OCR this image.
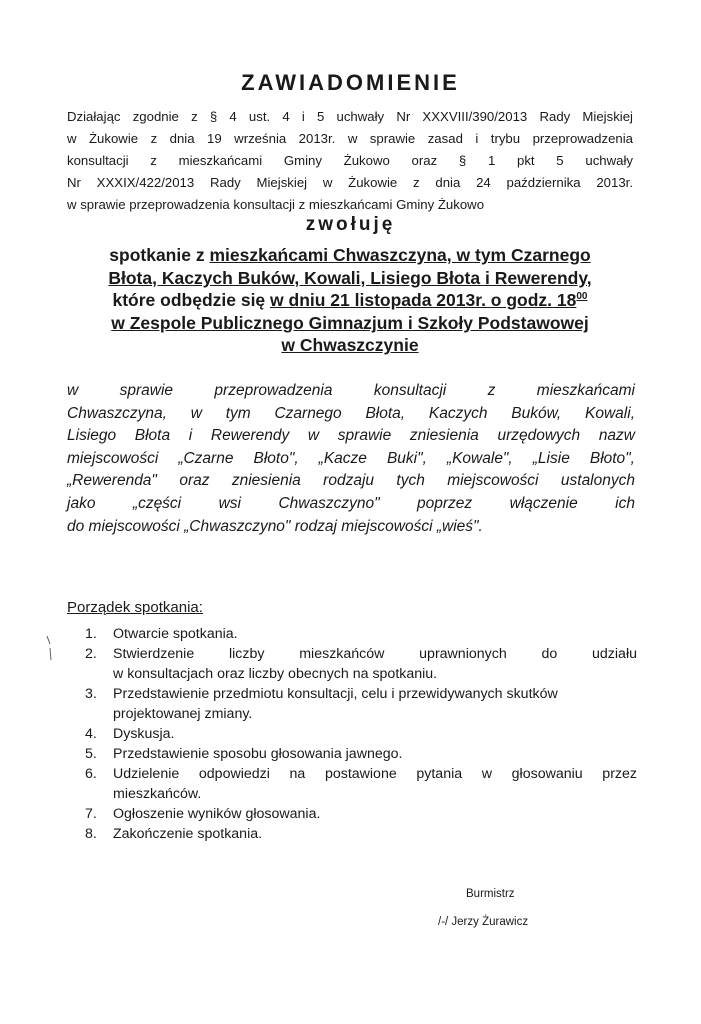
ZAWIADOMIENIE
Działając zgodnie z § 4 ust. 4 i 5 uchwały Nr XXXVIII/390/2013 Rady Miejskiej
w Żukowie z dnia 19 września 2013r. w sprawie zasad i trybu przeprowadzenia
konsultacji z mieszkańcami Gminy Żukowo oraz § 1 pkt 5 uchwały
Nr XXXIX/422/2013 Rady Miejskiej w Żukowie z dnia 24 października 2013r.
w sprawie przeprowadzenia konsultacji z mieszkańcami Gminy Żukowo
zwołuję
spotkanie z mieszkańcami Chwaszczyna, w tym Czarnego
Błota, Kaczych Buków, Kowali, Lisiego Błota i Rewerendy,
które odbędzie się w dniu 21 listopada 2013r. o godz. $18^{00}$
w Zespole Publicznego Gimnazjum i Szkoły Podstawowej
w Chwaszczynie
w sprawie przeprowadzenia konsultacji z mieszkańcami
Chwaszczyna, w tym Czarnego Błota, Kaczych Buków, Kowali,
Lisiego Błota i Rewerendy w sprawie zniesienia urzędowych nazw
miejscowości „Czarne Błoto", „Kacze Buki", „Kowale", „Lisie Błoto",
„Rewerenda" oraz zniesienia rodzaju tych miejscowości ustalonych
jako „części wsi Chwaszczyno" poprzez włączenie ich
do miejscowości „Chwaszczyno" rodzaj miejscowości „wieś".
Porządek spotkania:
1.	Otwarcie spotkania.
2.	Stwierdzenie liczby mieszkańców uprawnionych do udziału
w konsultacjach oraz liczby obecnych na spotkaniu.
3.	Przedstawienie przedmiotu konsultacji, celu i przewidywanych skutków
projektowanej zmiany.
4.	Dyskusja.
5.	Przedstawienie sposobu głosowania jawnego.
6.	Udzielenie odpowiedzi na postawione pytania w głosowaniu przez
mieszkańców.
7.	Ogłoszenie wyników głosowania.
8.	Zakończenie spotkania.
Burmistrz
/-/ Jerzy Żurawicz
